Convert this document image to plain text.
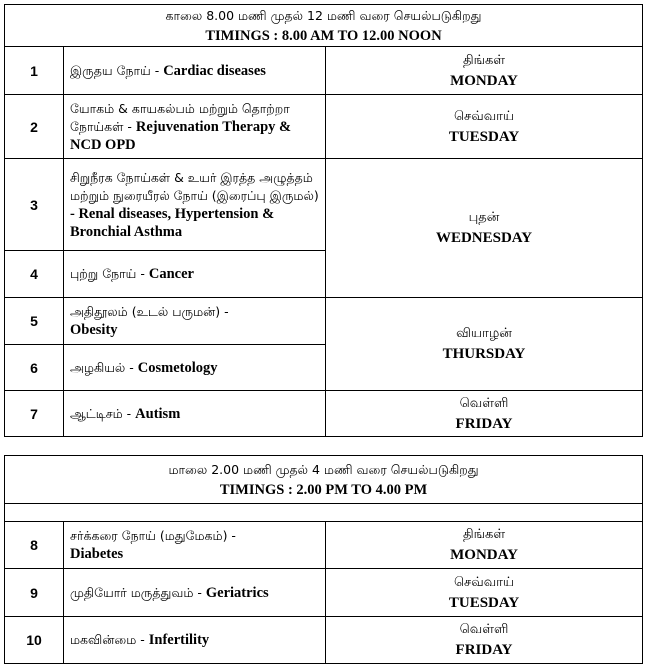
காலை 8.00 மணி முதல் 12 மணி வரை செயல்படுகிறது
TIMINGS : 8.00 AM TO 12.00 NOON		

1	இருதய நோய் - Cardiac diseases	திங்கள்
MONDAY

2	யோகம் & காயகல்பம் மற்றும் தொற்றா நோய்கள் - Rejuvenation Therapy & NCD OPD	செவ்வாய்
TUESDAY

3	சிறுநீரக நோய்கள் & உயர் இரத்த அழுத்தம் மற்றும் நுரையீரல் நோய் (இரைப்பு இருமல்)
- Renal diseases, Hypertension & Bronchial Asthma	புதன்
WEDNESDAY

4	புற்று நோய் - Cancer	
5	அதிதூலம் (உடல் பருமன்) -
Obesity	வியாழன்
THURSDAY

6	அழகியல் - Cosmetology	
7	ஆட்டிசம் - Autism	வெள்ளி
FRIDAY
மாலை 2.00 மணி முதல் 4 மணி வரை செயல்படுகிறது
TIMINGS : 2.00 PM TO 4.00 PM		

8	சர்க்கரை நோய் (மதுமேகம்) -
Diabetes	திங்கள்
MONDAY

9	முதியோர் மருத்துவம் - Geriatrics	செவ்வாய்
TUESDAY

10	மகவின்மை - Infertility	வெள்ளி
FRIDAY
